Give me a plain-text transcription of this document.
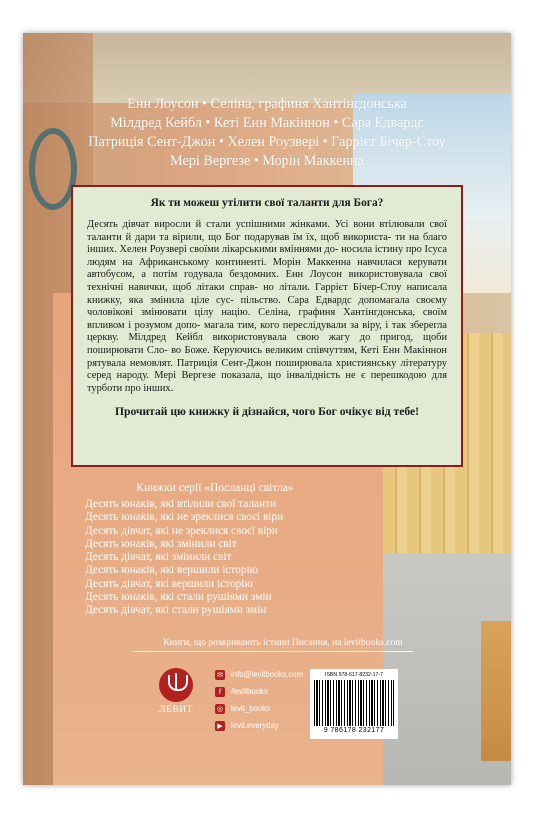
Енн Лоусон • Селіна, графиня Хантінгдонська
Мілдред Кейбл • Кеті Енн Макіннон • Сара Едвардс
Патриція Сент-Джон • Хелен Роузвері • Гаррієт Бічер-Стоу
Мері Вергезе • Морін Маккенна
Як ти можеш утілити свої таланти для Бога?

Десять дівчат виросли й стали успішними жінками. Усі вони втілювали свої таланти й дари та вірили, що Бог подарував їм їх, щоб використа- ти на благо інших. Хелен Роузвері своїми лікарськими вміннями до- носила істину про Ісуса людям на Африканському континенті. Морін Маккенна навчилася керувати автобусом, а потім годувала бездомних. Енн Лоусон використовувала свої технічні навички, щоб літаки справ- но літали. Гаррієт Бічер-Стоу написала книжку, яка змінила ціле сус- пільство. Сара Едвардс допомагала своєму чоловікові змінювати цілу націю. Селіна, графиня Хантінгдонська, своїм впливом і розумом допо- магала тим, кого переслідували за віру, і так зберегла церкву. Мілдред Кейбл використовувала свою жагу до пригод, щоби поширювати Сло- во Боже. Керуючись великим співчуттям, Кеті Енн Макіннон рятувала немовлят. Патриція Сент-Джон поширювала християнську літературу серед народу. Мері Вергезе показала, що інвалідність не є перешкодою для турботи про інших.

Прочитай цю книжку й дізнайся, чого Бог очікує від тебе!
Книжки серії «Посланці світла»
Десять юнаків, які втілили свої таланти
Десять юнаків, які не зреклися своєї віри
Десять дівчат, які не зреклися своєї віри
Десять юнаків, які змінили світ
Десять дівчат, які змінили світ
Десять юнаків, які вершили історію
Десять дівчат, які вершили історію
Десять юнаків, які стали рушіями змін
Десять дівчат, які стали рушіями змін
Книги, що розкривають істини Писання, на levitbooks.com
ЛЕВИТ
✉ info@levitbooks.com
f	/levitbooks
◎ levit_books
▶ levit.everyday
ISBN 978-617-8232-17-7
9 786178 232177
